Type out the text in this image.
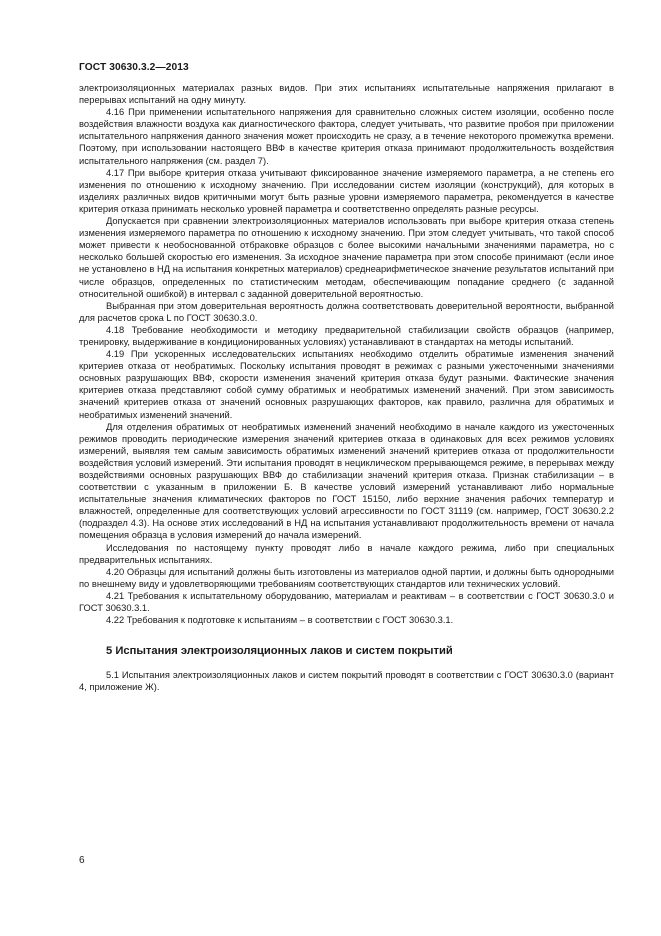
ГОСТ 30630.3.2—2013

электроизоляционных материалах разных видов. При этих испытаниях испытательные напряжения прилагают в перерывах испытаний на одну минуту.

4.16 При применении испытательного напряжения для сравнительно сложных систем изоляции, особенно после воздействия влажности воздуха как диагностического фактора, следует учитывать, что развитие пробоя при приложении испытательного напряжения данного значения может происходить не сразу, а в течение некоторого промежутка времени. Поэтому, при использовании настоящего ВВФ в качестве критерия отказа принимают продолжительность воздействия испытательного напряжения (см. раздел 7).

4.17 При выборе критерия отказа учитывают фиксированное значение измеряемого параметра, а не степень его изменения по отношению к исходному значению. При исследовании систем изоляции (конструкций), для которых в изделиях различных видов критичными могут быть разные уровни измеряемого параметра, рекомендуется в качестве критерия отказа принимать несколько уровней параметра и соответственно определять разные ресурсы.

Допускается при сравнении электроизоляционных материалов использовать при выборе критерия отказа степень изменения измеряемого параметра по отношению к исходному значению. При этом следует учитывать, что такой способ может привести к необоснованной отбраковке образцов с более высокими начальными значениями параметра, но с несколько большей скоростью его изменения. За исходное значение параметра при этом способе принимают (если иное не установлено в НД на испытания конкретных материалов) среднеарифметическое значение результатов испытаний при числе образцов, определенных по статистическим методам, обеспечивающим попадание среднего (с заданной относительной ошибкой) в интервал с заданной доверительной вероятностью.

Выбранная при этом доверительная вероятность должна соответствовать доверительной вероятности, выбранной для расчетов срока L по ГОСТ 30630.3.0.

4.18 Требование необходимости и методику предварительной стабилизации свойств образцов (например, тренировку, выдерживание в кондиционированных условиях) устанавливают в стандартах на методы испытаний.

4.19 При ускоренных исследовательских испытаниях необходимо отделить обратимые изменения значений критериев отказа от необратимых. Поскольку испытания проводят в режимах с разными ужесточенными значениями основных разрушающих ВВФ, скорости изменения значений критерия отказа будут разными. Фактические значения критериев отказа представляют собой сумму обратимых и необратимых изменений значений. При этом зависимость значений критериев отказа от значений основных разрушающих факторов, как правило, различна для обратимых и необратимых изменений значений.

Для отделения обратимых от необратимых изменений значений необходимо в начале каждого из ужесточенных режимов проводить периодические измерения значений критериев отказа в одинаковых для всех режимов условиях измерений, выявляя тем самым зависимость обратимых изменений значений критериев отказа от продолжительности воздействия условий измерений. Эти испытания проводят в нециклическом прерывающемся режиме, в перерывах между воздействиями основных разрушающих ВВФ до стабилизации значений критерия отказа. Признак стабилизации – в соответствии с указанным в приложении Б. В качестве условий измерений устанавливают либо нормальные испытательные значения климатических факторов по ГОСТ 15150, либо верхние значения рабочих температур и влажностей, определенные для соответствующих условий агрессивности по ГОСТ 31119 (см. например, ГОСТ 30630.2.2 (подраздел 4.3). На основе этих исследований в НД на испытания устанавливают продолжительность времени от начала помещения образца в условия измерений до начала измерений.

Исследования по настоящему пункту проводят либо в начале каждого режима, либо при специальных предварительных испытаниях.

4.20 Образцы для испытаний должны быть изготовлены из материалов одной партии, и должны быть однородными по внешнему виду и удовлетворяющими требованиям соответствующих стандартов или технических условий.

4.21 Требования к испытательному оборудованию, материалам и реактивам – в соответствии с ГОСТ 30630.3.0 и ГОСТ 30630.3.1.

4.22 Требования к подготовке к испытаниям – в соответствии с ГОСТ 30630.3.1.

5 Испытания электроизоляционных лаков и систем покрытий

5.1 Испытания электроизоляционных лаков и систем покрытий проводят в соответствии с ГОСТ 30630.3.0 (вариант 4, приложение Ж).

6
